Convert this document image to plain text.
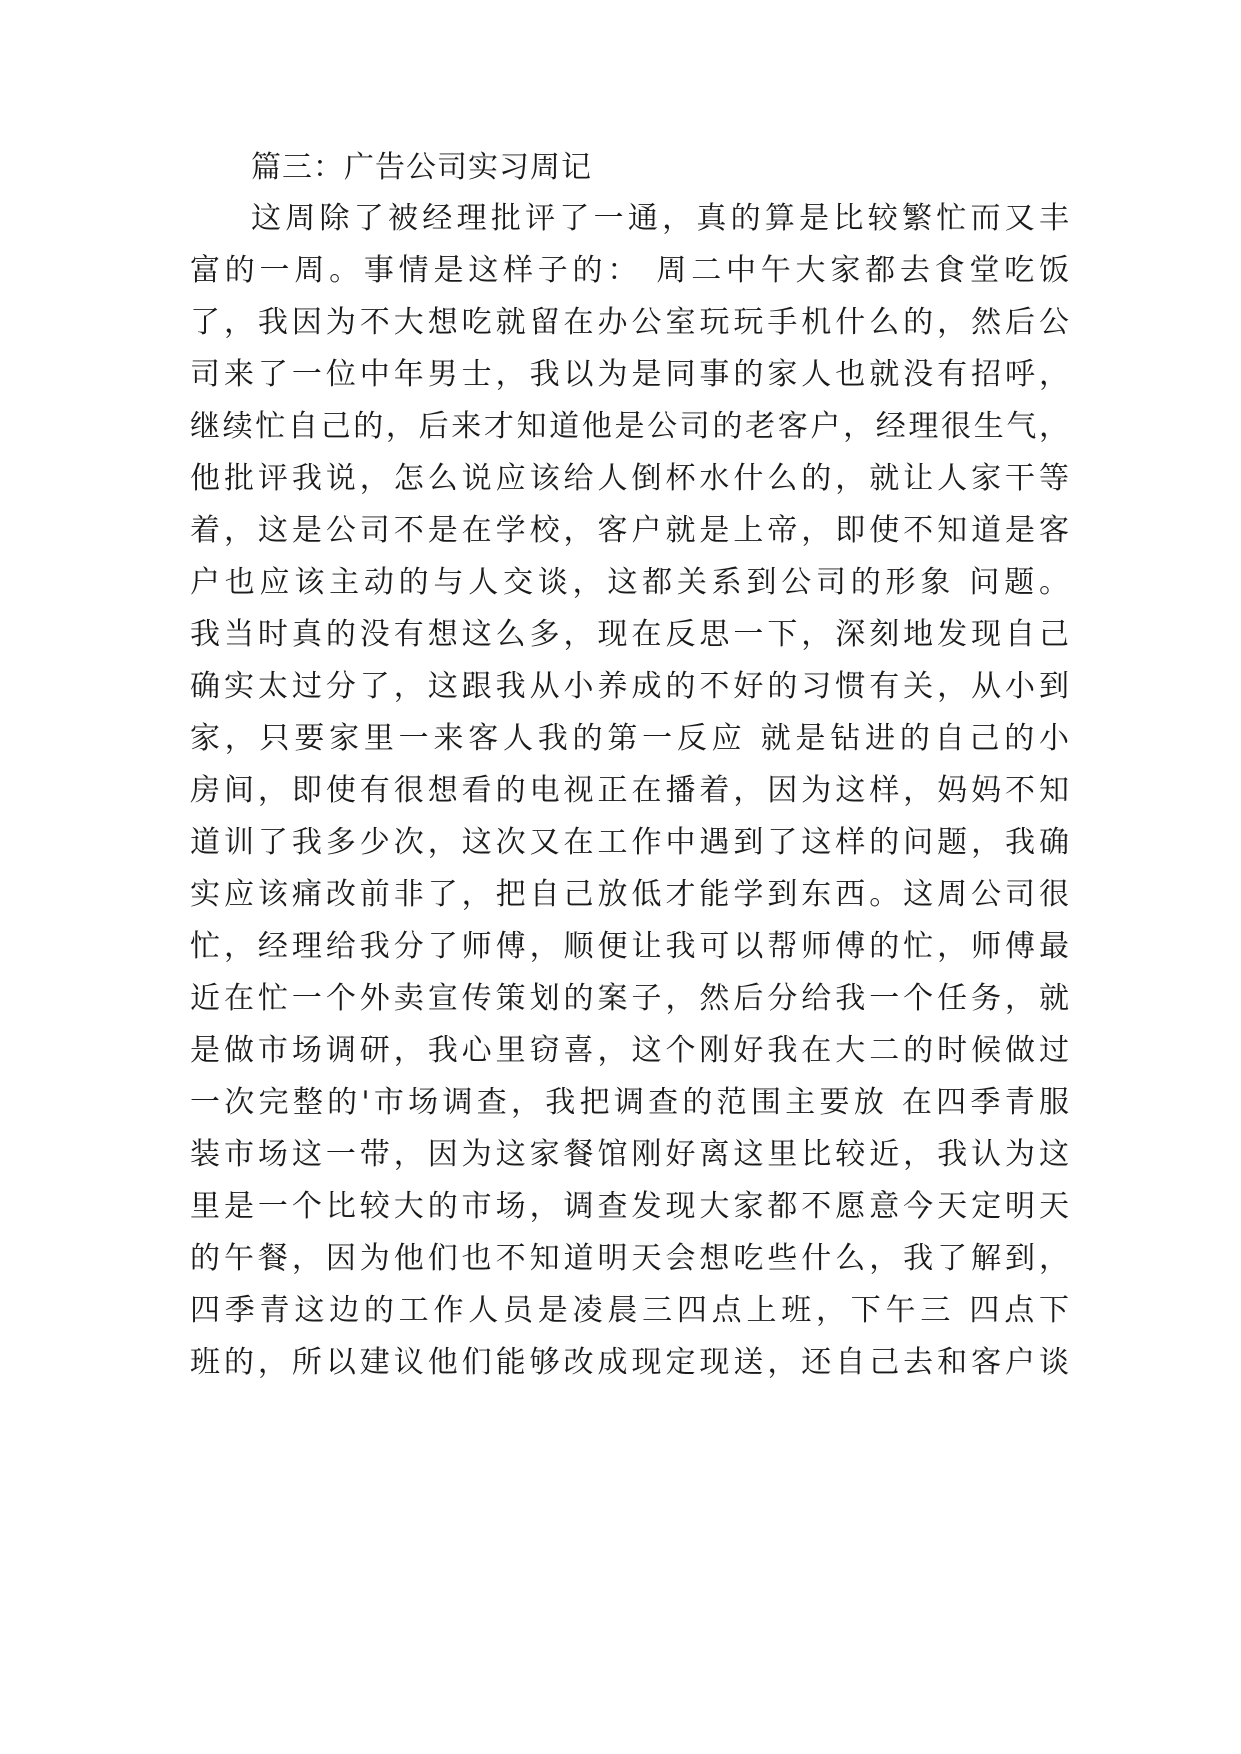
篇三：广告公司实习周记
这周除了被经理批评了一通，真的算是比较繁忙而又丰
富的一周。事情是这样子的： 周二中午大家都去食堂吃饭
了，我因为不大想吃就留在办公室玩玩手机什么的，然后公
司来了一位中年男士，我以为是同事的家人也就没有招呼，
继续忙自己的，后来才知道他是公司的老客户，经理很生气，
他批评我说，怎么说应该给人倒杯水什么的，就让人家干等
着，这是公司不是在学校，客户就是上帝，即使不知道是客
户也应该主动的与人交谈，这都关系到公司的形象 问题。
我当时真的没有想这么多，现在反思一下，深刻地发现自己
确实太过分了，这跟我从小养成的不好的习惯有关，从小到
家，只要家里一来客人我的第一反应 就是钻进的自己的小
房间，即使有很想看的电视正在播着，因为这样，妈妈不知
道训了我多少次，这次又在工作中遇到了这样的问题，我确
实应该痛改前非了，把自己放低才能学到东西。这周公司很
忙，经理给我分了师傅，顺便让我可以帮师傅的忙，师傅最
近在忙一个外卖宣传策划的案子，然后分给我一个任务，就
是做市场调研，我心里窃喜，这个刚好我在大二的时候做过
一次完整的'市场调查，我把调查的范围主要放 在四季青服
装市场这一带，因为这家餐馆刚好离这里比较近，我认为这
里是一个比较大的市场，调查发现大家都不愿意今天定明天
的午餐，因为他们也不知道明天会想吃些什么，我了解到，
四季青这边的工作人员是凌晨三四点上班，下午三 四点下
班的，所以建议他们能够改成现定现送，还自己去和客户谈
